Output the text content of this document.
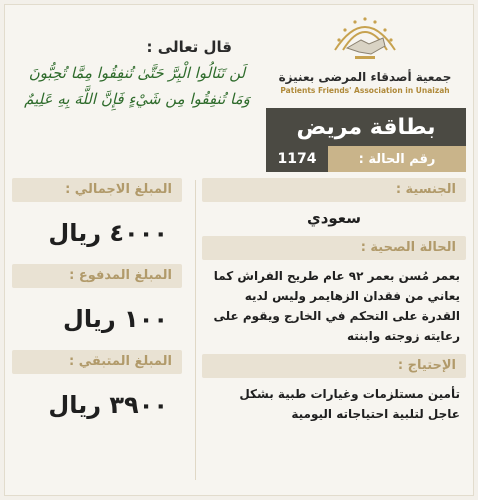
جمعية أصدقاء المرضى بعنيزة
Patients Friends' Association in Unaizah
قال تعالى :
لَن تَنَالُوا الْبِرَّ حَتَّىٰ تُنفِقُوا مِمَّا تُحِبُّونَ
وَمَا تُنفِقُوا مِن شَيْءٍ فَإِنَّ اللَّهَ بِهِ عَلِيمٌ
بطاقة مريض
رقم الحالة :
1174
المبلغ الاجمالي :
٤٠٠٠ ريال
المبلغ المدفوع :
١٠٠ ريال
المبلغ المتبقي :
٣٩٠٠ ريال
الجنسية :
سعودي
الحالة الصحية :
بعمر مُسن بعمر ٩٢ عام طريح الفراش كما يعاني من فقدان الزهايمر وليس لديه القدرة على التحكم في الخارج ويقوم على رعايته زوجته وابنته
الإحتياج :
تأمين مستلزمات وغيارات طبية بشكل عاجل لتلبية احتياجاته اليومية
